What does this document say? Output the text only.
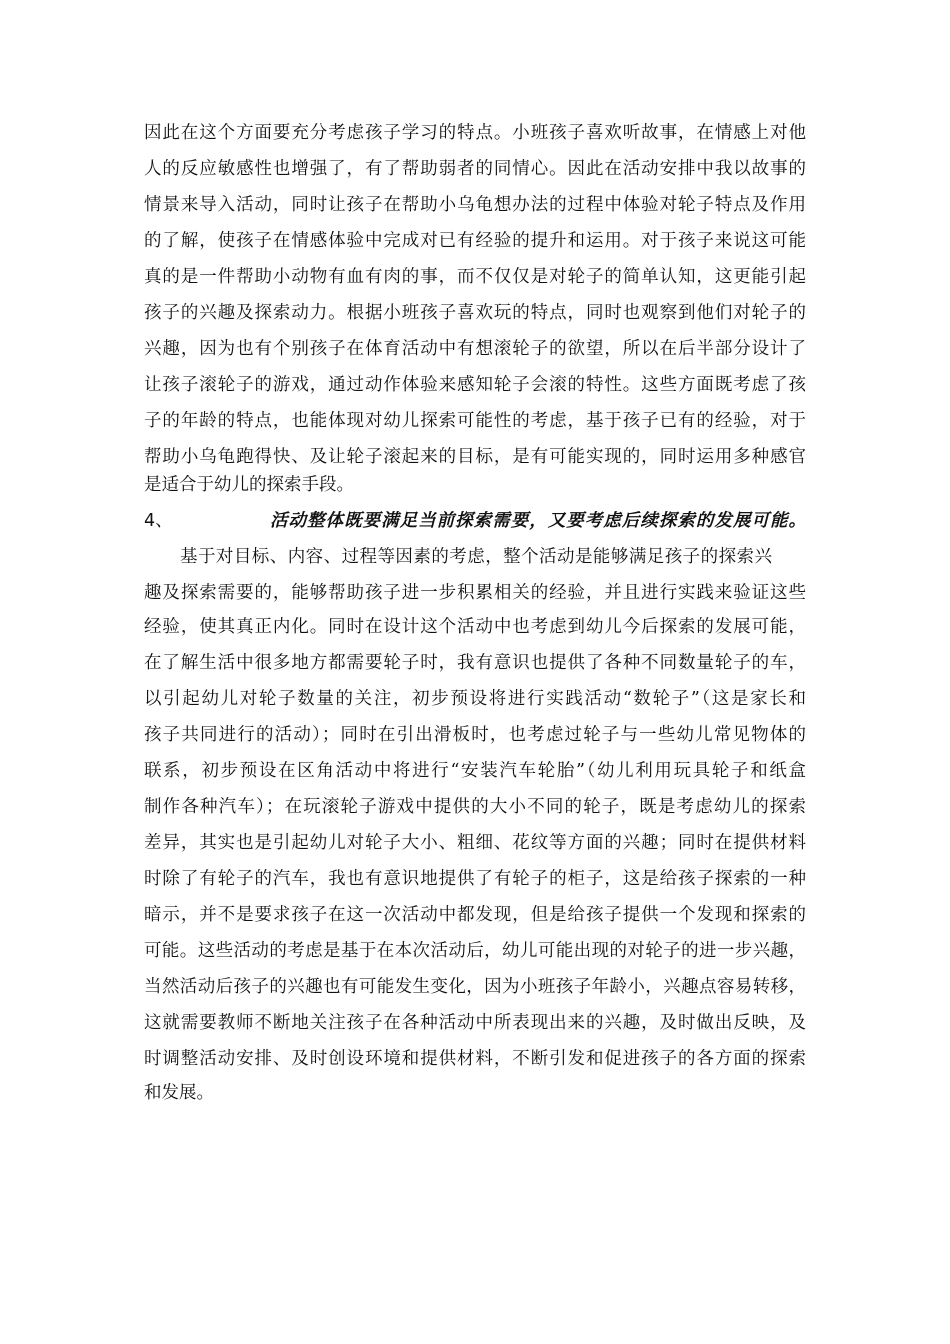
因此在这个方面要充分考虑孩子学习的特点。小班孩子喜欢听故事，在情感上对他
人的反应敏感性也增强了，有了帮助弱者的同情心。因此在活动安排中我以故事的
情景来导入活动，同时让孩子在帮助小乌龟想办法的过程中体验对轮子特点及作用
的了解，使孩子在情感体验中完成对已有经验的提升和运用。对于孩子来说这可能
真的是一件帮助小动物有血有肉的事，而不仅仅是对轮子的简单认知，这更能引起
孩子的兴趣及探索动力。根据小班孩子喜欢玩的特点，同时也观察到他们对轮子的
兴趣，因为也有个别孩子在体育活动中有想滚轮子的欲望，所以在后半部分设计了
让孩子滚轮子的游戏，通过动作体验来感知轮子会滚的特性。这些方面既考虑了孩
子的年龄的特点，也能体现对幼儿探索可能性的考虑，基于孩子已有的经验，对于
帮助小乌龟跑得快、及让轮子滚起来的目标，是有可能实现的，同时运用多种感官
是适合于幼儿的探索手段。
4、	活动整体既要满足当前探索需要，又要考虑后续探索的发展可能。
基于对目标、内容、过程等因素的考虑，整个活动是能够满足孩子的探索兴
趣及探索需要的，能够帮助孩子进一步积累相关的经验，并且进行实践来验证这些
经验，使其真正内化。同时在设计这个活动中也考虑到幼儿今后探索的发展可能，
在了解生活中很多地方都需要轮子时，我有意识也提供了各种不同数量轮子的车，
以引起幼儿对轮子数量的关注，初步预设将进行实践活动“数轮子”（这是家长和
孩子共同进行的活动）；同时在引出滑板时，也考虑过轮子与一些幼儿常见物体的
联系，初步预设在区角活动中将进行“安装汽车轮胎”（幼儿利用玩具轮子和纸盒
制作各种汽车）；在玩滚轮子游戏中提供的大小不同的轮子，既是考虑幼儿的探索
差异，其实也是引起幼儿对轮子大小、粗细、花纹等方面的兴趣；同时在提供材料
时除了有轮子的汽车，我也有意识地提供了有轮子的柜子，这是给孩子探索的一种
暗示，并不是要求孩子在这一次活动中都发现，但是给孩子提供一个发现和探索的
可能。这些活动的考虑是基于在本次活动后，幼儿可能出现的对轮子的进一步兴趣，
当然活动后孩子的兴趣也有可能发生变化，因为小班孩子年龄小，兴趣点容易转移，
这就需要教师不断地关注孩子在各种活动中所表现出来的兴趣，及时做出反映，及
时调整活动安排、及时创设环境和提供材料，不断引发和促进孩子的各方面的探索
和发展。
